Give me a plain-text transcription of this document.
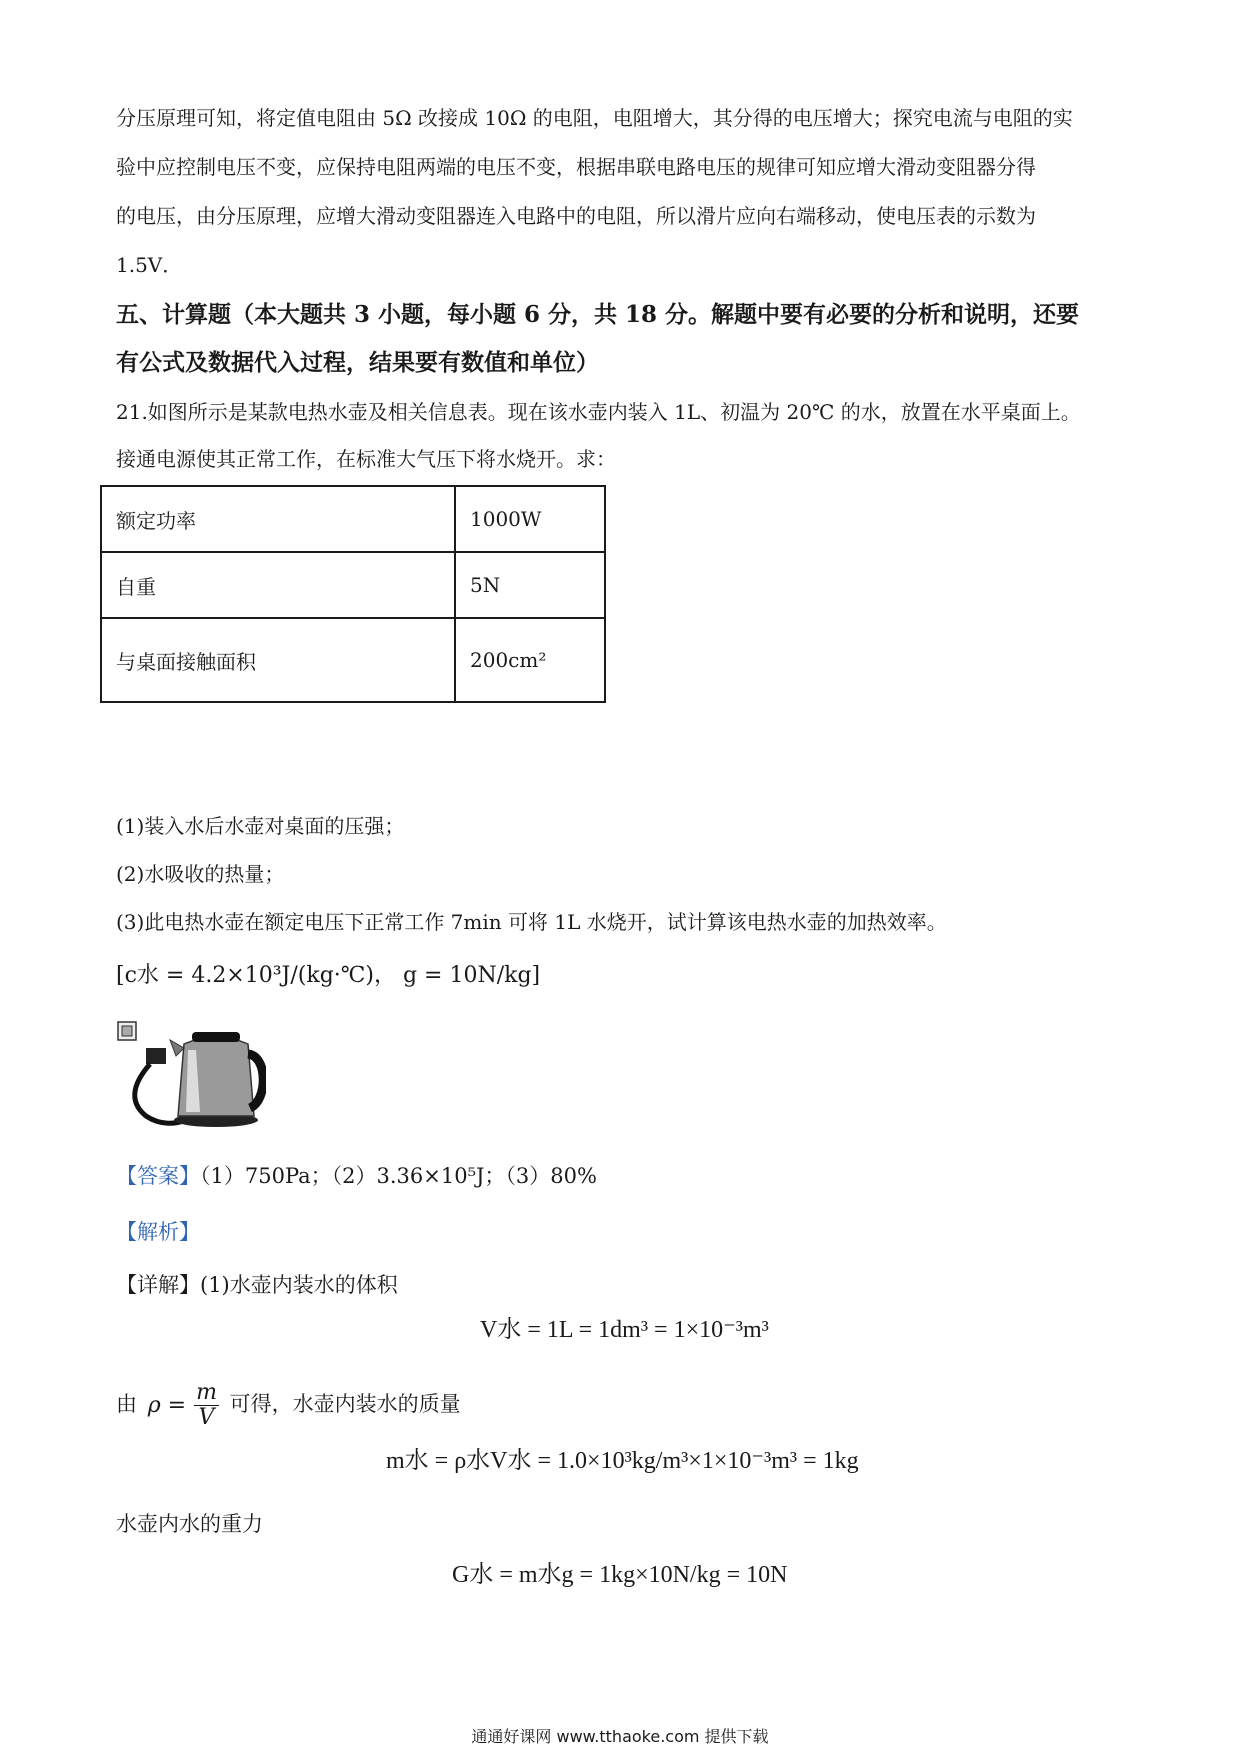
分压原理可知，将定值电阻由 5Ω 改接成 10Ω 的电阻，电阻增大，其分得的电压增大；探究电流与电阻的实
验中应控制电压不变，应保持电阻两端的电压不变，根据串联电路电压的规律可知应增大滑动变阻器分得
的电压，由分压原理，应增大滑动变阻器连入电路中的电阻，所以滑片应向右端移动，使电压表的示数为
1.5V．
五、计算题（本大题共 3 小题，每小题 6 分，共 18 分。解题中要有必要的分析和说明，还要
有公式及数据代入过程，结果要有数值和单位）
21.如图所示是某款电热水壶及相关信息表。现在该水壶内装入 1L、初温为 20℃ 的水，放置在水平桌面上。
接通电源使其正常工作，在标准大气压下将水烧开。求：
额定功率	1000W
自重	5N
与桌面接触面积	200cm²
(1)装入水后水壶对桌面的压强；
(2)水吸收的热量；
(3)此电热水壶在额定电压下正常工作 7min 可将 1L 水烧开，试计算该电热水壶的加热效率。
[c水 = 4.2×10³J/(kg·℃)， g = 10N/kg]
【答案】（1）750Pa；（2）3.36×10⁵J；（3）80%
【解析】
【详解】(1)水壶内装水的体积
V水 = 1L = 1dm³ = 1×10⁻³m³
由 $\rho = \frac{m}{V}$ 可得，水壶内装水的质量
m水 = ρ水V水 = 1.0×10³kg/m³×1×10⁻³m³ = 1kg
水壶内水的重力
G水 = m水g = 1kg×10N/kg = 10N
通通好课网 www.tthaoke.com 提供下载
